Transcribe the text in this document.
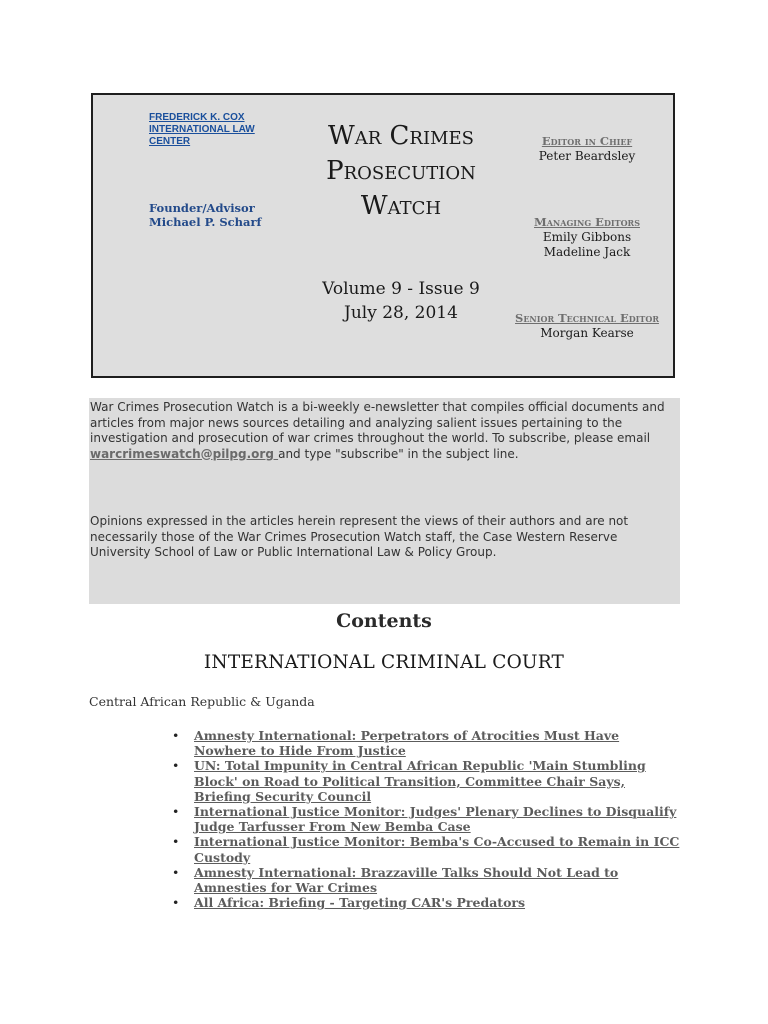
FREDERICK K. COX INTERNATIONAL LAW CENTER
Founder/Advisor
Michael P. Scharf
War Crimes
Prosecution
Watch
Volume 9 - Issue 9
July 28, 2014
Editor in Chief
Peter Beardsley
Managing Editors
Emily Gibbons
Madeline Jack
Senior Technical Editor
Morgan Kearse

War Crimes Prosecution Watch is a bi-weekly e-newsletter that compiles official documents and articles from major news sources detailing and analyzing salient issues pertaining to the investigation and prosecution of war crimes throughout the world. To subscribe, please email warcrimeswatch@pilpg.org and type "subscribe" in the subject line.

Opinions expressed in the articles herein represent the views of their authors and are not necessarily those of the War Crimes Prosecution Watch staff, the Case Western Reserve University School of Law or Public International Law & Policy Group.

Contents
INTERNATIONAL CRIMINAL COURT
Central African Republic & Uganda
• Amnesty International: Perpetrators of Atrocities Must Have Nowhere to Hide From Justice
• UN: Total Impunity in Central African Republic 'Main Stumbling Block' on Road to Political Transition, Committee Chair Says, Briefing Security Council
• International Justice Monitor: Judges' Plenary Declines to Disqualify Judge Tarfusser From New Bemba Case
• International Justice Monitor: Bemba's Co-Accused to Remain in ICC Custody
• Amnesty International: Brazzaville Talks Should Not Lead to Amnesties for War Crimes
• All Africa: Briefing - Targeting CAR's Predators
